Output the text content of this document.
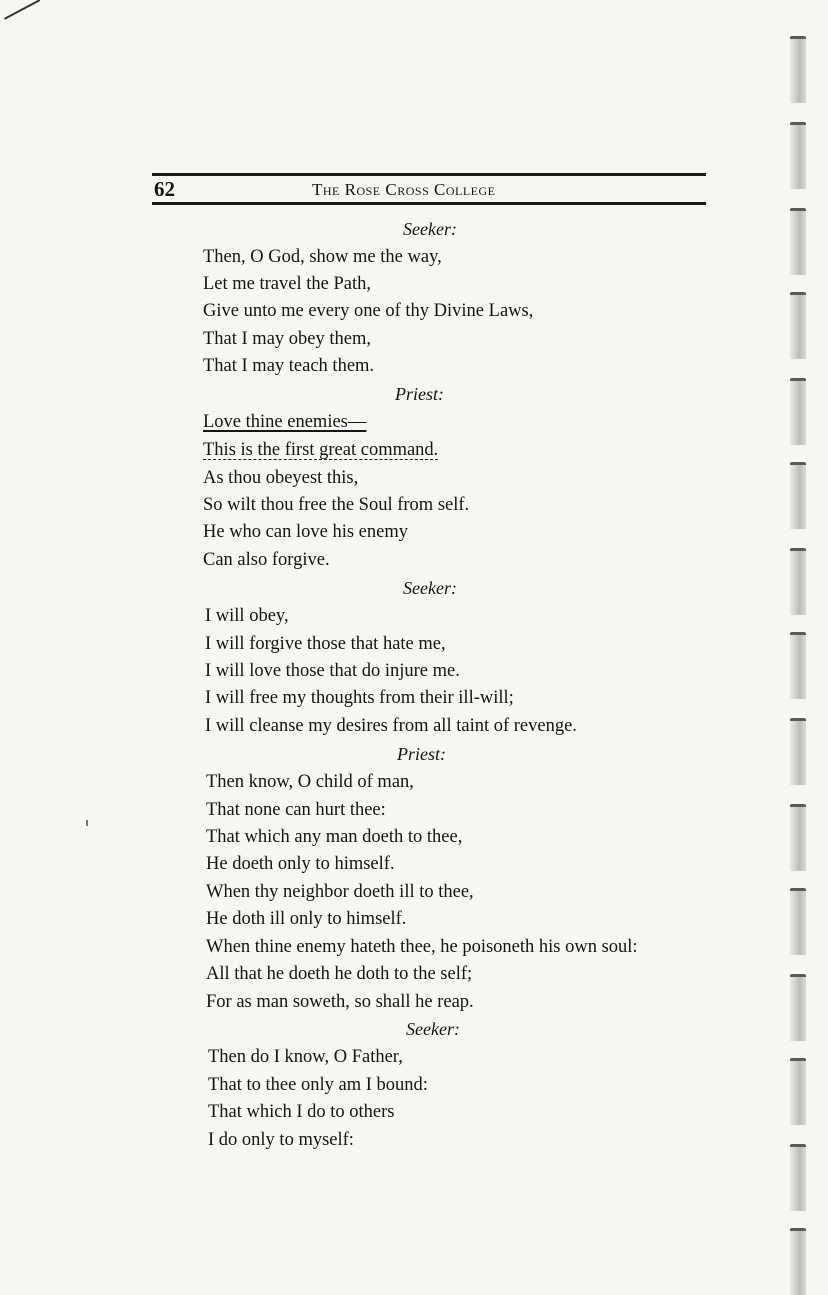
62	The Rose Cross College
Seeker:
Then, O God, show me the way,
Let me travel the Path,
Give unto me every one of thy Divine Laws,
That I may obey them,
That I may teach them.
Priest:
Love thine enemies—
This is the first great command.
As thou obeyest this,
So wilt thou free the Soul from self.
He who can love his enemy
Can also forgive.
Seeker:
I will obey,
I will forgive those that hate me,
I will love those that do injure me.
I will free my thoughts from their ill-will;
I will cleanse my desires from all taint of revenge.
Priest:
Then know, O child of man,
That none can hurt thee:
That which any man doeth to thee,
He doeth only to himself.
When thy neighbor doeth ill to thee,
He doth ill only to himself.
When thine enemy hateth thee, he poisoneth his own soul:
All that he doeth he doth to the self;
For as man soweth, so shall he reap.
Seeker:
Then do I know, O Father,
That to thee only am I bound:
That which I do to others
I do only to myself:
